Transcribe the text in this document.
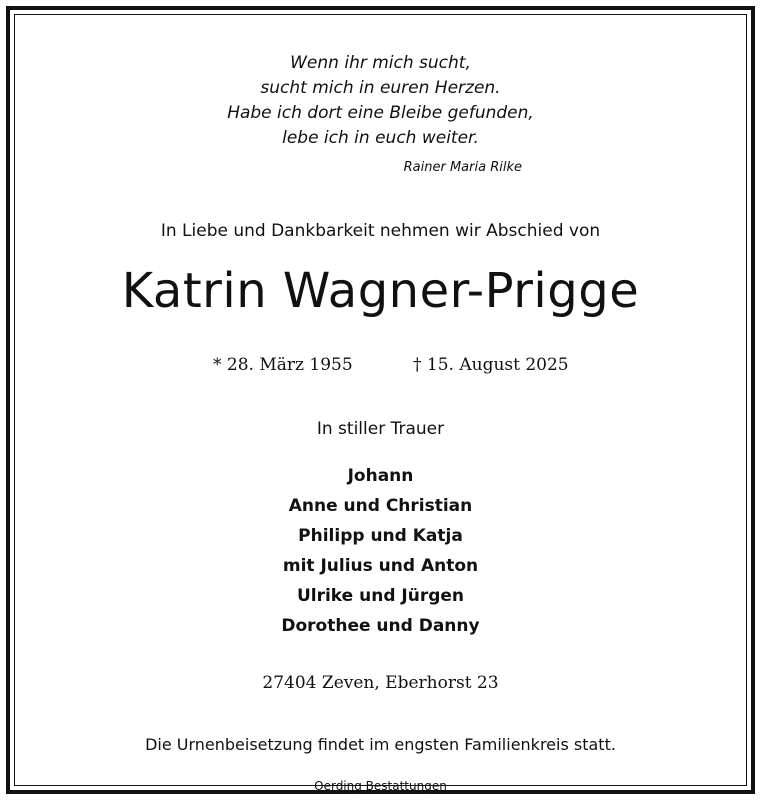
Wenn ihr mich sucht,
sucht mich in euren Herzen.
Habe ich dort eine Bleibe gefunden,
lebe ich in euch weiter.
Rainer Maria Rilke
In Liebe und Dankbarkeit nehmen wir Abschied von
Katrin Wagner-Prigge
* 28. März 1955	† 15. August 2025
In stiller Trauer
Johann
Anne und Christian
Philipp und Katja
mit Julius und Anton
Ulrike und Jürgen
Dorothee und Danny
27404 Zeven, Eberhorst 23
Die Urnenbeisetzung findet im engsten Familienkreis statt.
Oerding Bestattungen
